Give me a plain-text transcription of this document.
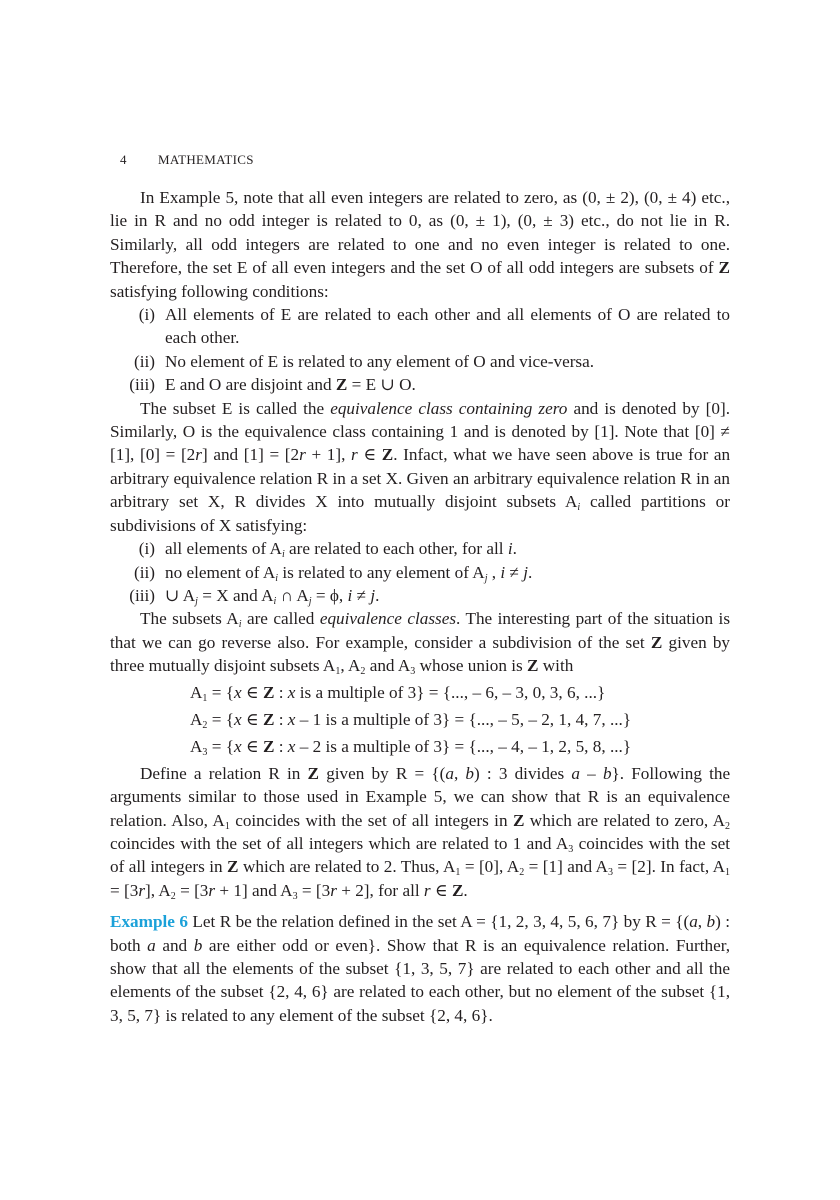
4 MATHEMATICS

In Example 5, note that all even integers are related to zero, as (0, ± 2), (0, ± 4) etc., lie in R and no odd integer is related to 0, as (0, ± 1), (0, ± 3) etc., do not lie in R. Similarly, all odd integers are related to one and no even integer is related to one. Therefore, the set E of all even integers and the set O of all odd integers are subsets of Z satisfying following conditions:

(i) All elements of E are related to each other and all elements of O are related to each other.
(ii) No element of E is related to any element of O and vice-versa.
(iii) E and O are disjoint and Z = E ∪ O.

The subset E is called the equivalence class containing zero and is denoted by [0]. Similarly, O is the equivalence class containing 1 and is denoted by [1]. Note that [0] ≠ [1], [0] = [2r] and [1] = [2r + 1], r ∈ Z. Infact, what we have seen above is true for an arbitrary equivalence relation R in a set X. Given an arbitrary equivalence relation R in an arbitrary set X, R divides X into mutually disjoint subsets $A_i$ called partitions or subdivisions of X satisfying:

(i) all elements of $A_i$ are related to each other, for all i.
(ii) no element of $A_i$ is related to any element of $A_j$ , i ≠ j.
(iii) ∪ $A_j = X$ and $A_i$ ∩ $A_j = \phi$, i ≠ j.

The subsets $A_i$ are called equivalence classes. The interesting part of the situation is that we can go reverse also. For example, consider a subdivision of the set Z given by three mutually disjoint subsets $A_1$, $A_2$ and $A_3$ whose union is Z with

$A_1 = \{x$ ∈ Z : x is a multiple of 3} = {..., – 6, – 3, 0, 3, 6, ...}

$A_2 = \{x$ ∈ Z : x – 1 is a multiple of 3} = {..., – 5, – 2, 1, 4, 7, ...}

$A_3 = \{x$ ∈ Z : x – 2 is a multiple of 3} = {..., – 4, – 1, 2, 5, 8, ...}

Define a relation R in Z given by R = {(a, b) : 3 divides a – b}. Following the arguments similar to those used in Example 5, we can show that R is an equivalence relation. Also, $A_1$ coincides with the set of all integers in Z which are related to zero, $A_2$ coincides with the set of all integers which are related to 1 and $A_3$ coincides with the set of all integers in Z which are related to 2. Thus, $A_1 = [0]$, $A_2 = [1]$ and $A_3 = [2]$. In fact, $A_1 = [3r]$, $A_2 = [3r + 1]$ and $A_3 = [3r + 2]$, for all r ∈ Z.

Example 6 Let R be the relation defined in the set A = {1, 2, 3, 4, 5, 6, 7} by R = {(a, b) : both a and b are either odd or even}. Show that R is an equivalence relation. Further, show that all the elements of the subset {1, 3, 5, 7} are related to each other and all the elements of the subset {2, 4, 6} are related to each other, but no element of the subset {1, 3, 5, 7} is related to any element of the subset {2, 4, 6}.
